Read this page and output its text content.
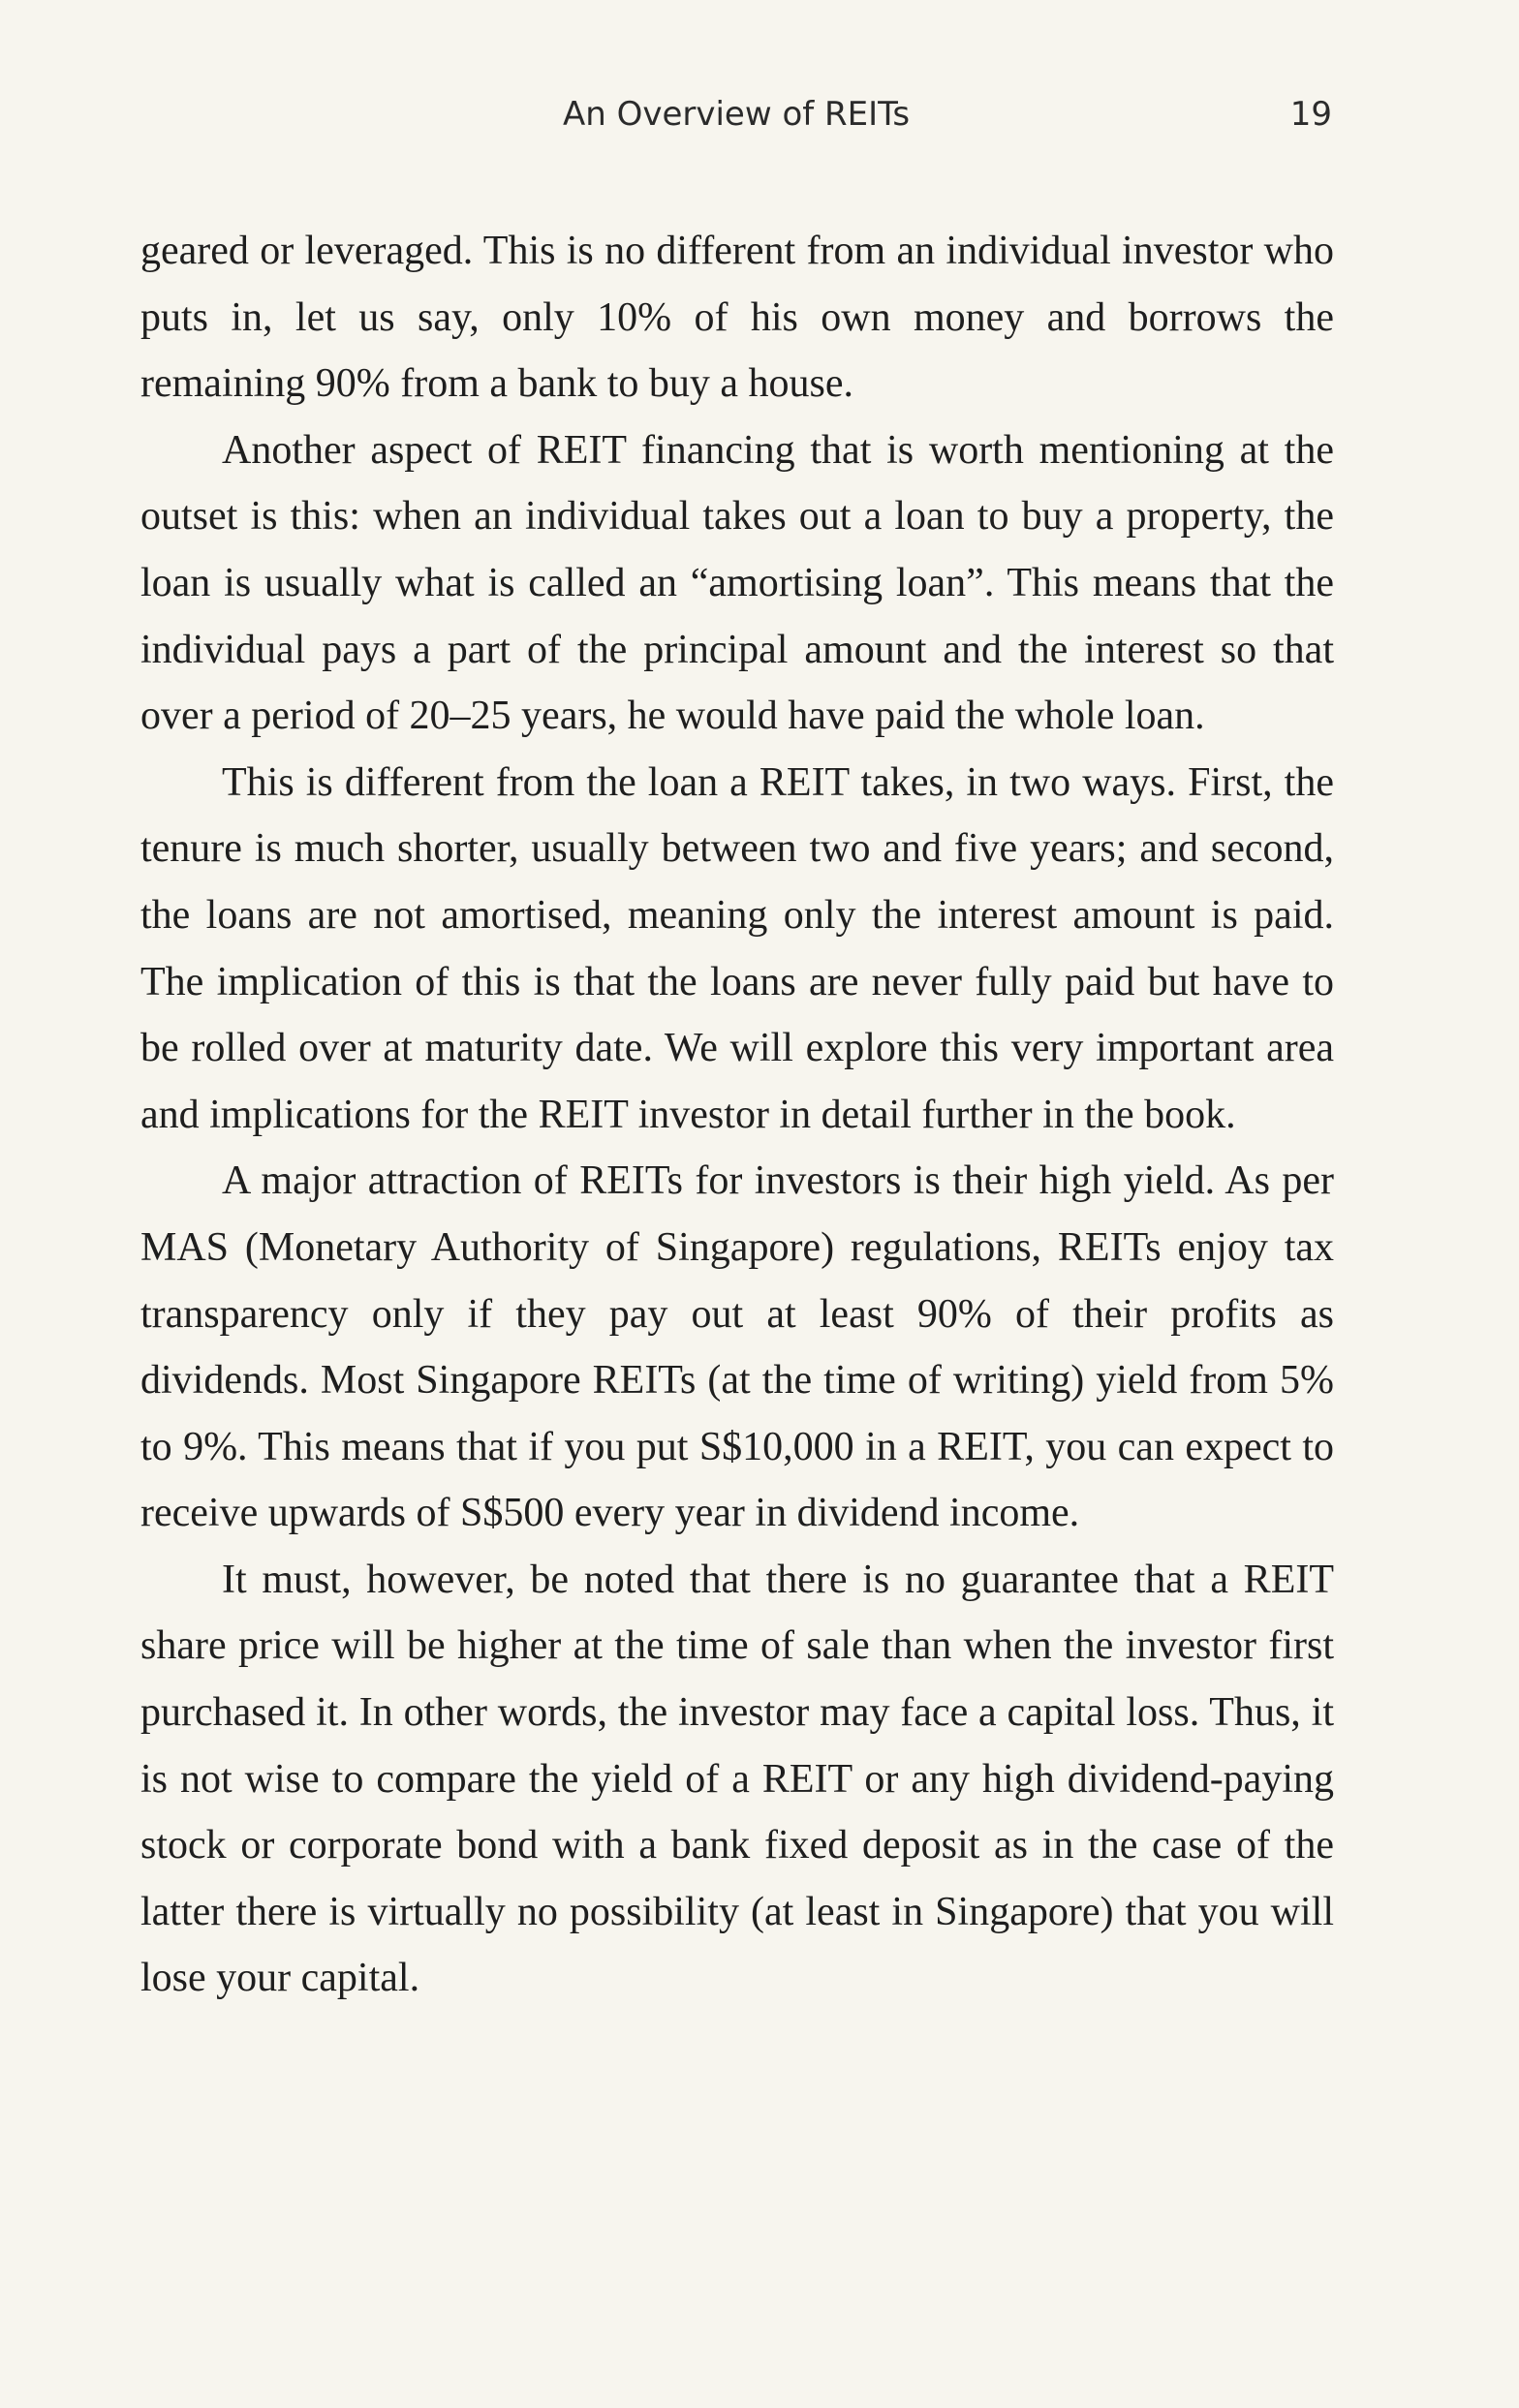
An Overview of REITs	19

geared or leveraged. This is no different from an individual investor who puts in, let us say, only 10% of his own money and borrows the remaining 90% from a bank to buy a house.

Another aspect of REIT financing that is worth mentioning at the outset is this: when an individual takes out a loan to buy a property, the loan is usually what is called an “amortising loan”. This means that the individual pays a part of the principal amount and the interest so that over a period of 20–25 years, he would have paid the whole loan.

This is different from the loan a REIT takes, in two ways. First, the tenure is much shorter, usually between two and five years; and second, the loans are not amortised, meaning only the interest amount is paid. The implication of this is that the loans are never fully paid but have to be rolled over at maturity date. We will explore this very important area and implications for the REIT investor in detail further in the book.

A major attraction of REITs for investors is their high yield. As per MAS (Monetary Authority of Singapore) regulations, REITs enjoy tax transparency only if they pay out at least 90% of their profits as dividends. Most Singapore REITs (at the time of writing) yield from 5% to 9%. This means that if you put S$10,000 in a REIT, you can expect to receive upwards of S$500 every year in dividend income.

It must, however, be noted that there is no guarantee that a REIT share price will be higher at the time of sale than when the investor first purchased it. In other words, the investor may face a capital loss. Thus, it is not wise to compare the yield of a REIT or any high dividend-paying stock or corporate bond with a bank fixed deposit as in the case of the latter there is virtually no possibility (at least in Singapore) that you will lose your capital.
